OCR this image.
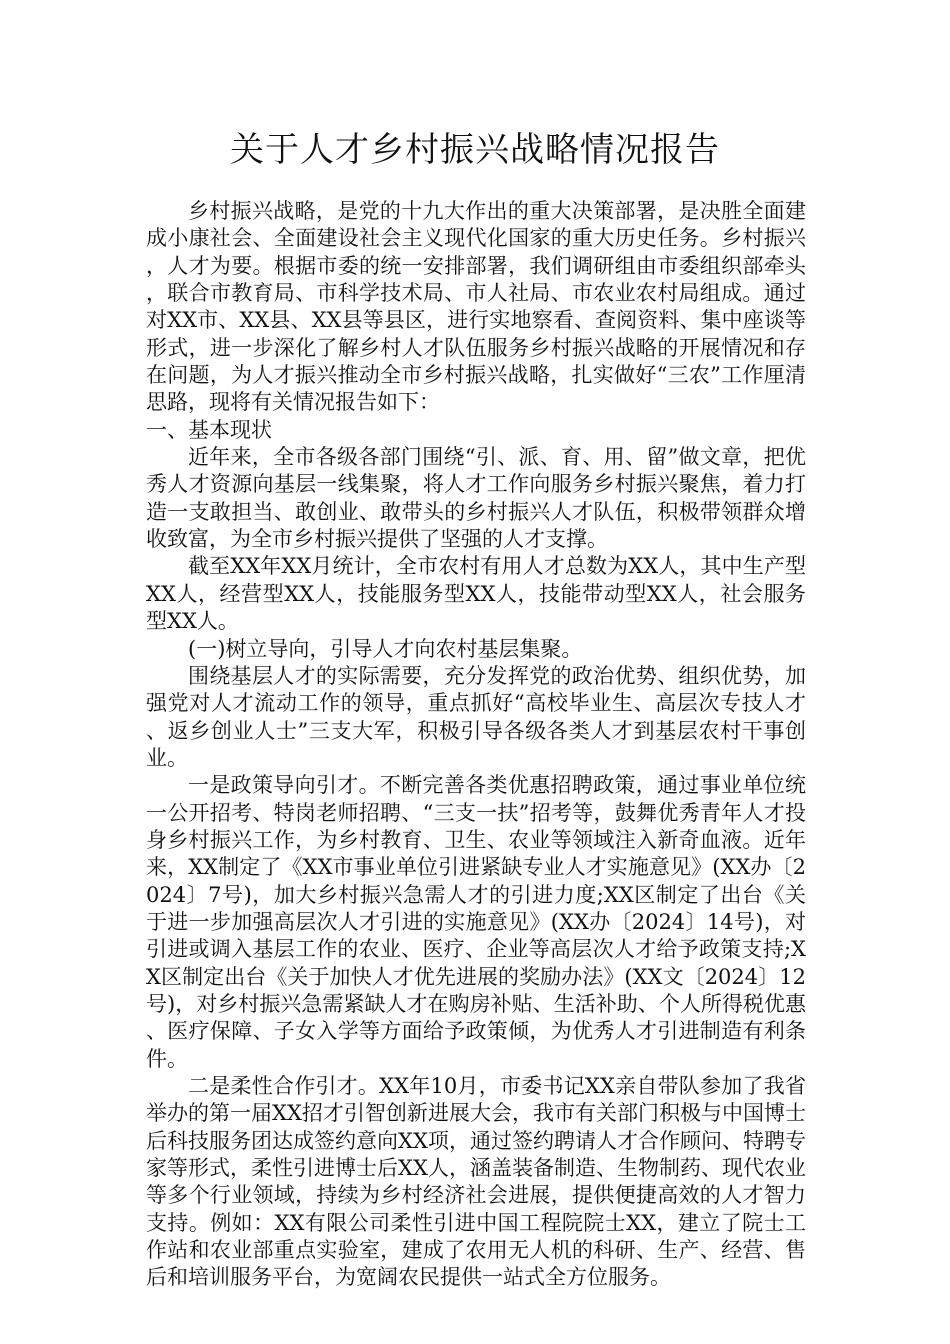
关于人才乡村振兴战略情况报告

乡村振兴战略，是党的十九大作出的重大决策部署，是决胜全面建成小康社会、全面建设社会主义现代化国家的重大历史任务。乡村振兴，人才为要。根据市委的统一安排部署，我们调研组由市委组织部牵头，联合市教育局、市科学技术局、市人社局、市农业农村局组成。通过对XX市、XX县、XX县等县区，进行实地察看、查阅资料、集中座谈等形式，进一步深化了解乡村人才队伍服务乡村振兴战略的开展情况和存在问题，为人才振兴推动全市乡村振兴战略，扎实做好“三农”工作厘清思路，现将有关情况报告如下：

一、基本现状

近年来，全市各级各部门围绕“引、派、育、用、留”做文章，把优秀人才资源向基层一线集聚，将人才工作向服务乡村振兴聚焦，着力打造一支敢担当、敢创业、敢带头的乡村振兴人才队伍，积极带领群众增收致富，为全市乡村振兴提供了坚强的人才支撑。

截至XX年XX月统计，全市农村有用人才总数为XX人，其中生产型XX人，经营型XX人，技能服务型XX人，技能带动型XX人，社会服务型XX人。

(一)树立导向，引导人才向农村基层集聚。

围绕基层人才的实际需要，充分发挥党的政治优势、组织优势，加强党对人才流动工作的领导，重点抓好“高校毕业生、高层次专技人才、返乡创业人士”三支大军，积极引导各级各类人才到基层农村干事创业。

一是政策导向引才。不断完善各类优惠招聘政策，通过事业单位统一公开招考、特岗老师招聘、“三支一扶”招考等，鼓舞优秀青年人才投身乡村振兴工作，为乡村教育、卫生、农业等领域注入新奇血液。近年来，XX制定了《XX市事业单位引进紧缺专业人才实施意见》(XX办〔2024〕7号)，加大乡村振兴急需人才的引进力度;XX区制定了出台《关于进一步加强高层次人才引进的实施意见》(XX办〔2024〕14号)，对引进或调入基层工作的农业、医疗、企业等高层次人才给予政策支持;XX区制定出台《关于加快人才优先进展的奖励办法》(XX文〔2024〕12号)，对乡村振兴急需紧缺人才在购房补贴、生活补助、个人所得税优惠、医疗保障、子女入学等方面给予政策倾，为优秀人才引进制造有利条件。

二是柔性合作引才。XX年10月，市委书记XX亲自带队参加了我省举办的第一届XX招才引智创新进展大会，我市有关部门积极与中国博士后科技服务团达成签约意向XX项，通过签约聘请人才合作顾问、特聘专家等形式，柔性引进博士后XX人，涵盖装备制造、生物制药、现代农业等多个行业领域，持续为乡村经济社会进展，提供便捷高效的人才智力支持。例如：XX有限公司柔性引进中国工程院院士XX，建立了院士工作站和农业部重点实验室，建成了农用无人机的科研、生产、经营、售后和培训服务平台，为宽阔农民提供一站式全方位服务。
